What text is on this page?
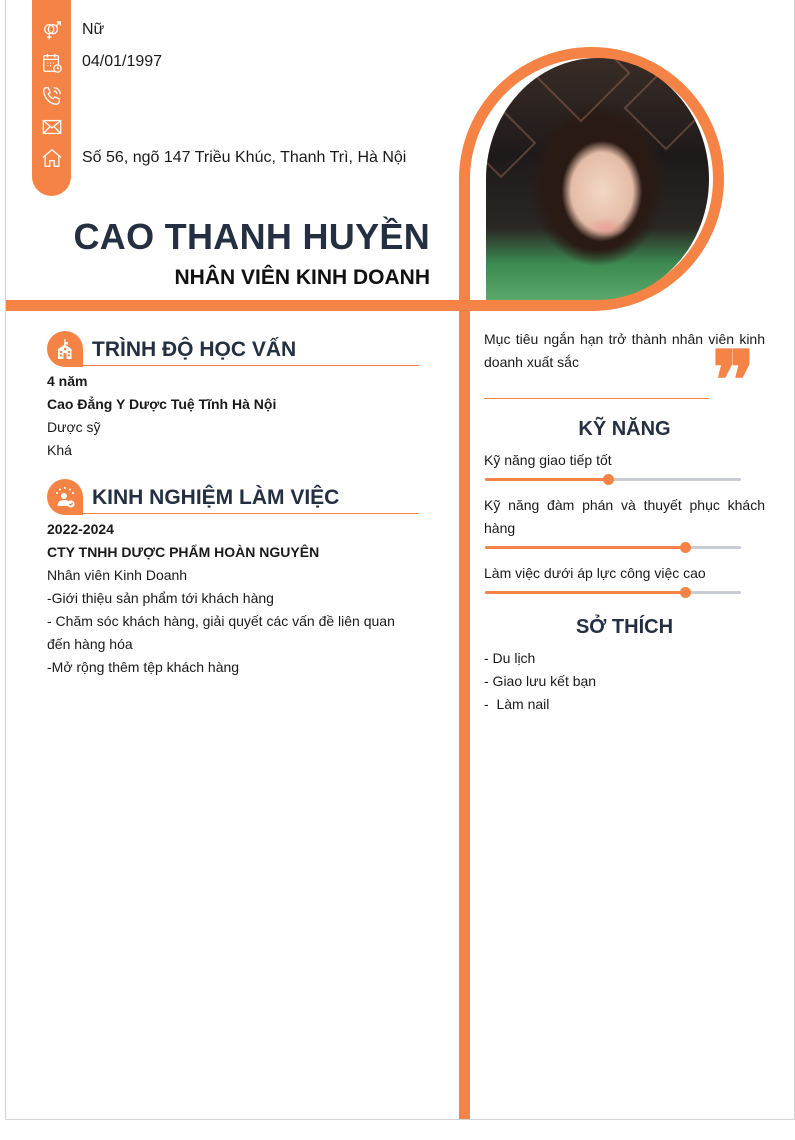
Nữ
04/01/1997
Số 56, ngõ 147 Triều Khúc, Thanh Trì, Hà Nội
CAO THANH HUYỀN
NHÂN VIÊN KINH DOANH
TRÌNH ĐỘ HỌC VẤN
4 năm
Cao Đẳng Y Dược Tuệ Tĩnh Hà Nội
Dược sỹ
Khá
KINH NGHIỆM LÀM VIỆC
2022-2024
CTY TNHH DƯỢC PHẨM HOÀN NGUYÊN
Nhân viên Kinh Doanh
-Giới thiệu sản phẩm tới khách hàng
- Chăm sóc khách hàng, giải quyết các vấn đề liên quan đến hàng hóa
-Mở rộng thêm tệp khách hàng
Mục tiêu ngắn hạn trở thành nhân viên kinh doanh xuất sắc	❞
KỸ NĂNG
Kỹ năng giao tiếp tốt
Kỹ năng đàm phán và thuyết phục khách hàng
Làm việc dưới áp lực công việc cao
SỞ THÍCH
- Du lịch
- Giao lưu kết bạn
-  Làm nail
